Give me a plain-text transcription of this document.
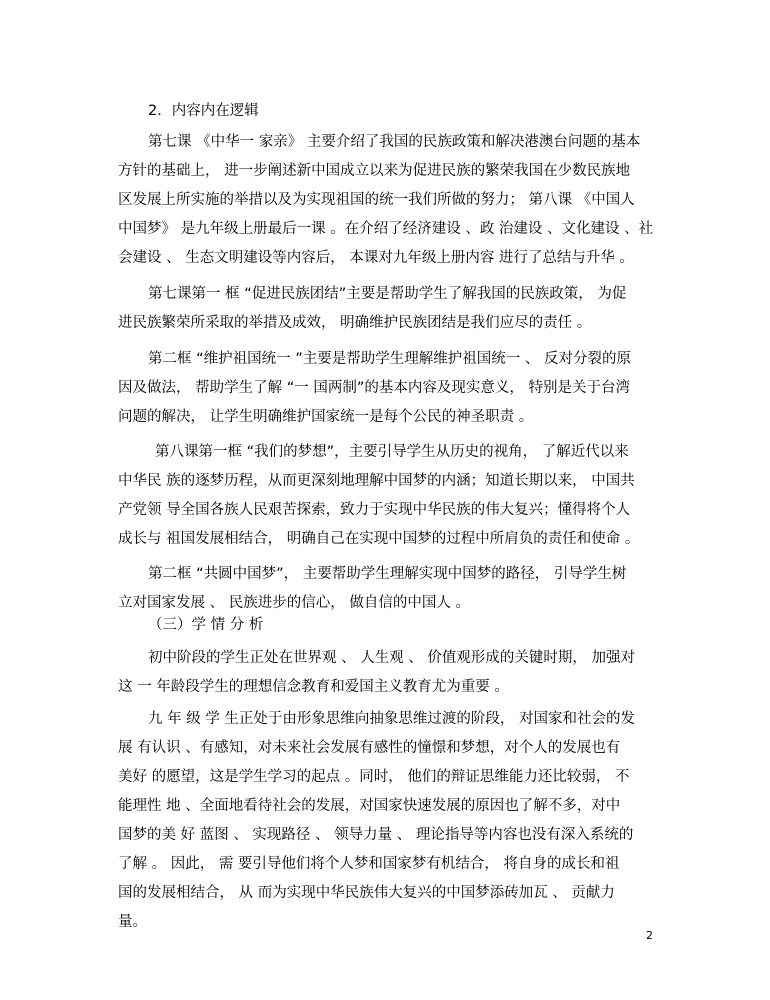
2．内容内在逻辑
第七课 《中华一 家亲》 主要介绍了我国的民族政策和解决港澳台问题的基本
方针的基础上， 进一步阐述新中国成立以来为促进民族的繁荣我国在少数民族地
区发展上所实施的举措以及为实现祖国的统一我们所做的努力； 第八课 《中国人
中国梦》 是九年级上册最后一课 。在介绍了经济建设 、政 治建设 、文化建设 、社
会建设 、 生态文明建设等内容后， 本课对九年级上册内容 进行了总结与升华 。
第七课第一 框 “促进民族团结”主要是帮助学生了解我国的民族政策， 为促
进民族繁荣所采取的举措及成效， 明确维护民族团结是我们应尽的责任 。
第二框 “维护祖国统一 ”主要是帮助学生理解维护祖国统一 、 反对分裂的原
因及做法， 帮助学生了解 “一 国两制”的基本内容及现实意义， 特别是关于台湾
问题的解决， 让学生明确维护国家统一是每个公民的神圣职责 。
第八课第一框 “我们的梦想”，主要引导学生从历史的视角， 了解近代以来
中华民 族的逐梦历程，从而更深刻地理解中国梦的内涵；知道长期以来， 中国共
产党领 导全国各族人民艰苦探索，致力于实现中华民族的伟大复兴；懂得将个人
成长与 祖国发展相结合， 明确自己在实现中国梦的过程中所肩负的责任和使命 。
第二框 “共圆中国梦”， 主要帮助学生理解实现中国梦的路径， 引导学生树
立对国家发展 、 民族进步的信心， 做自信的中国人 。
（三）学 情 分 析
初中阶段的学生正处在世界观 、 人生观 、 价值观形成的关键时期， 加强对
这 一 年龄段学生的理想信念教育和爱国主义教育尤为重要 。
九 年 级 学 生正处于由形象思维向抽象思维过渡的阶段， 对国家和社会的发
展 有认识 、有感知，对未来社会发展有感性的憧憬和梦想，对个人的发展也有
美好 的愿望，这是学生学习的起点 。同时， 他们的辩证思维能力还比较弱， 不
能理性 地 、全面地看待社会的发展，对国家快速发展的原因也了解不多，对中
国梦的美 好 蓝图 、 实现路径 、 领导力量 、 理论指导等内容也没有深入系统的
了解 。 因此， 需 要引导他们将个人梦和国家梦有机结合， 将自身的成长和祖
国的发展相结合， 从 而为实现中华民族伟大复兴的中国梦添砖加瓦 、 贡献力
量。
2
